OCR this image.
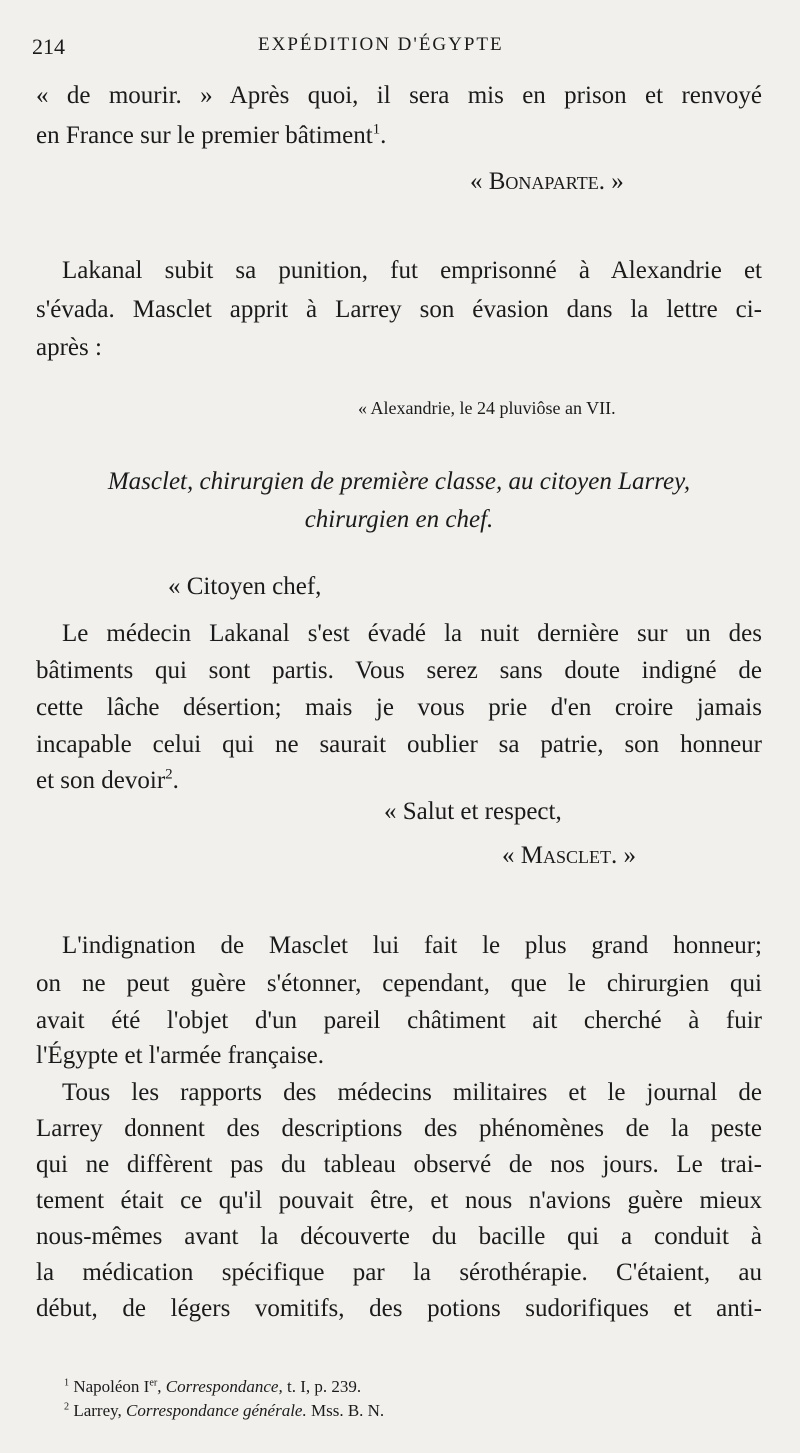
214	EXPÉDITION D'ÉGYPTE

« de mourir. » Après quoi, il sera mis en prison et renvoyé

en France sur le premier bâtiment$^1$.

« Bonaparte. »

Lakanal subit sa punition, fut emprisonné à Alexandrie et

s'évada. Masclet apprit à Larrey son évasion dans la lettre ci-

après :

« Alexandrie, le 24 pluviôse an VII.

Masclet, chirurgien de première classe, au citoyen Larrey,

chirurgien en chef.

« Citoyen chef,

Le médecin Lakanal s'est évadé la nuit dernière sur un des

bâtiments qui sont partis. Vous serez sans doute indigné de

cette lâche désertion; mais je vous prie d'en croire jamais

incapable celui qui ne saurait oublier sa patrie, son honneur

et son devoir$^2$.

« Salut et respect,

« Masclet. »

L'indignation de Masclet lui fait le plus grand honneur;

on ne peut guère s'étonner, cependant, que le chirurgien qui

avait été l'objet d'un pareil châtiment ait cherché à fuir

l'Égypte et l'armée française.

Tous les rapports des médecins militaires et le journal de

Larrey donnent des descriptions des phénomènes de la peste

qui ne diffèrent pas du tableau observé de nos jours. Le trai-

tement était ce qu'il pouvait être, et nous n'avions guère mieux

nous-mêmes avant la découverte du bacille qui a conduit à

la médication spécifique par la sérothérapie. C'étaient, au

début, de légers vomitifs, des potions sudorifiques et anti-

$^1$ Napoléon Ier, Correspondance, t. I, p. 239.

$^2$ Larrey, Correspondance générale. Mss. B. N.
